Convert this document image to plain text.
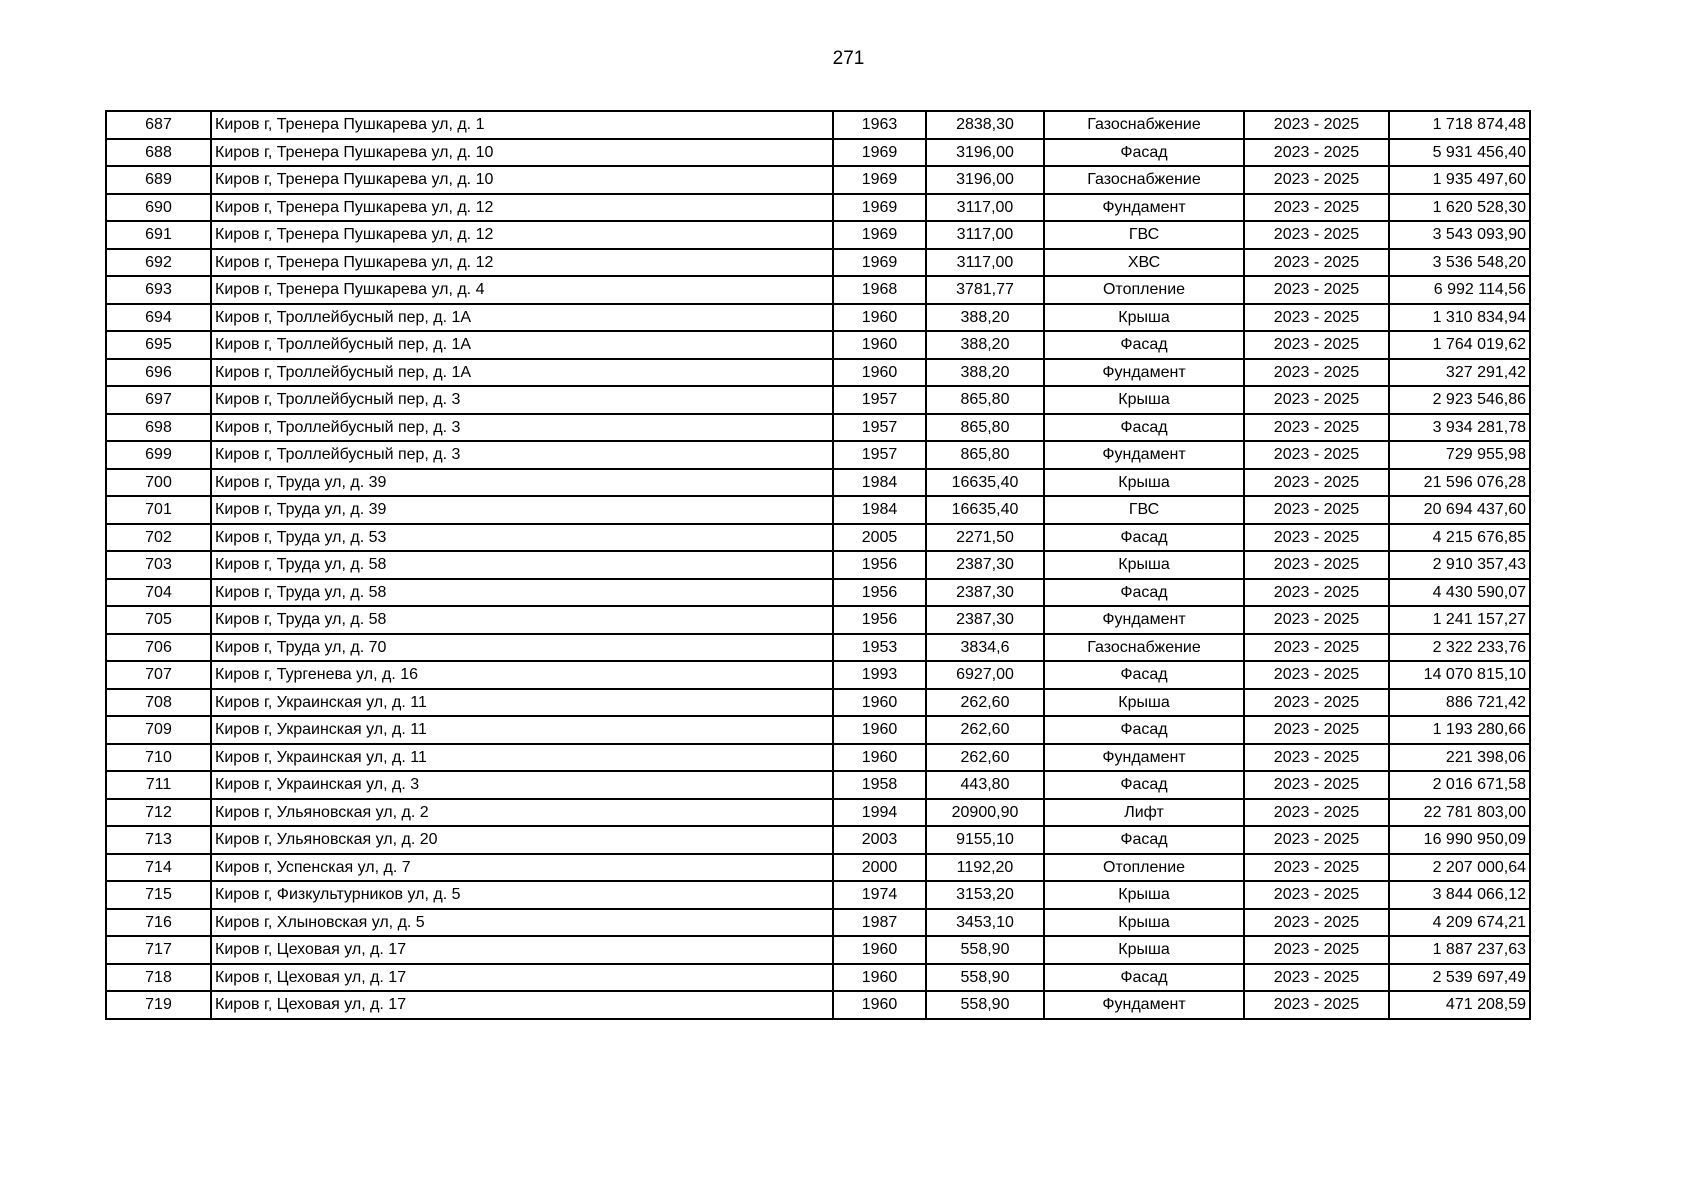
271
687	Киров г, Тренера Пушкарева ул, д. 1	1963	2838,30	Газоснабжение	2023 - 2025	1 718 874,48
688	Киров г, Тренера Пушкарева ул, д. 10	1969	3196,00	Фасад	2023 - 2025	5 931 456,40
689	Киров г, Тренера Пушкарева ул, д. 10	1969	3196,00	Газоснабжение	2023 - 2025	1 935 497,60
690	Киров г, Тренера Пушкарева ул, д. 12	1969	3117,00	Фундамент	2023 - 2025	1 620 528,30
691	Киров г, Тренера Пушкарева ул, д. 12	1969	3117,00	ГВС	2023 - 2025	3 543 093,90
692	Киров г, Тренера Пушкарева ул, д. 12	1969	3117,00	ХВС	2023 - 2025	3 536 548,20
693	Киров г, Тренера Пушкарева ул, д. 4	1968	3781,77	Отопление	2023 - 2025	6 992 114,56
694	Киров г, Троллейбусный пер, д. 1А	1960	388,20	Крыша	2023 - 2025	1 310 834,94
695	Киров г, Троллейбусный пер, д. 1А	1960	388,20	Фасад	2023 - 2025	1 764 019,62
696	Киров г, Троллейбусный пер, д. 1А	1960	388,20	Фундамент	2023 - 2025	327 291,42
697	Киров г, Троллейбусный пер, д. 3	1957	865,80	Крыша	2023 - 2025	2 923 546,86
698	Киров г, Троллейбусный пер, д. 3	1957	865,80	Фасад	2023 - 2025	3 934 281,78
699	Киров г, Троллейбусный пер, д. 3	1957	865,80	Фундамент	2023 - 2025	729 955,98
700	Киров г, Труда ул, д. 39	1984	16635,40	Крыша	2023 - 2025	21 596 076,28
701	Киров г, Труда ул, д. 39	1984	16635,40	ГВС	2023 - 2025	20 694 437,60
702	Киров г, Труда ул, д. 53	2005	2271,50	Фасад	2023 - 2025	4 215 676,85
703	Киров г, Труда ул, д. 58	1956	2387,30	Крыша	2023 - 2025	2 910 357,43
704	Киров г, Труда ул, д. 58	1956	2387,30	Фасад	2023 - 2025	4 430 590,07
705	Киров г, Труда ул, д. 58	1956	2387,30	Фундамент	2023 - 2025	1 241 157,27
706	Киров г, Труда ул, д. 70	1953	3834,6	Газоснабжение	2023 - 2025	2 322 233,76
707	Киров г, Тургенева ул, д. 16	1993	6927,00	Фасад	2023 - 2025	14 070 815,10
708	Киров г, Украинская ул, д. 11	1960	262,60	Крыша	2023 - 2025	886 721,42
709	Киров г, Украинская ул, д. 11	1960	262,60	Фасад	2023 - 2025	1 193 280,66
710	Киров г, Украинская ул, д. 11	1960	262,60	Фундамент	2023 - 2025	221 398,06
711	Киров г, Украинская ул, д. 3	1958	443,80	Фасад	2023 - 2025	2 016 671,58
712	Киров г, Ульяновская ул, д. 2	1994	20900,90	Лифт	2023 - 2025	22 781 803,00
713	Киров г, Ульяновская ул, д. 20	2003	9155,10	Фасад	2023 - 2025	16 990 950,09
714	Киров г, Успенская ул, д. 7	2000	1192,20	Отопление	2023 - 2025	2 207 000,64
715	Киров г, Физкультурников ул, д. 5	1974	3153,20	Крыша	2023 - 2025	3 844 066,12
716	Киров г, Хлыновская ул, д. 5	1987	3453,10	Крыша	2023 - 2025	4 209 674,21
717	Киров г, Цеховая ул, д. 17	1960	558,90	Крыша	2023 - 2025	1 887 237,63
718	Киров г, Цеховая ул, д. 17	1960	558,90	Фасад	2023 - 2025	2 539 697,49
719	Киров г, Цеховая ул, д. 17	1960	558,90	Фундамент	2023 - 2025	471 208,59
